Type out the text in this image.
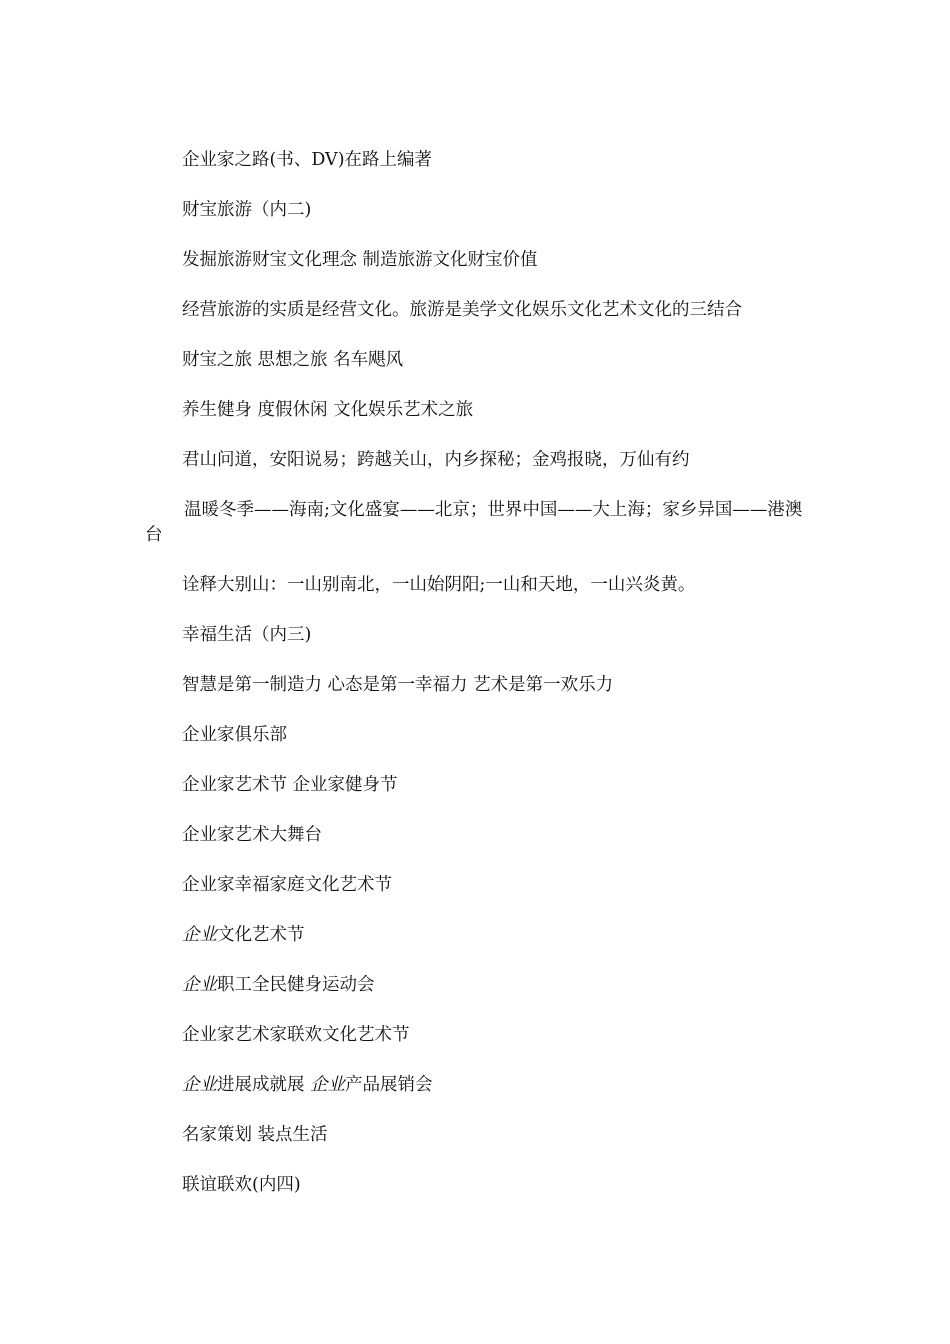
企业家之路(书、DV)在路上编著

财宝旅游（内二)

发掘旅游财宝文化理念 制造旅游文化财宝价值

经营旅游的实质是经营文化。旅游是美学文化娱乐文化艺术文化的三结合

财宝之旅 思想之旅 名车飓风

养生健身 度假休闲 文化娱乐艺术之旅

君山问道，安阳说易；跨越关山，内乡探秘；金鸡报晓，万仙有约

温暖冬季——海南;文化盛宴——北京；世界中国——大上海；家乡异国——港澳台

诠释大别山：一山别南北，一山始阴阳;一山和天地，一山兴炎黄。

幸福生活（内三)

智慧是第一制造力 心态是第一幸福力 艺术是第一欢乐力

企业家俱乐部

企业家艺术节 企业家健身节

企业家艺术大舞台

企业家幸福家庭文化艺术节

企业文化艺术节

企业职工全民健身运动会

企业家艺术家联欢文化艺术节

企业进展成就展 企业产品展销会

名家策划 装点生活

联谊联欢(内四)
